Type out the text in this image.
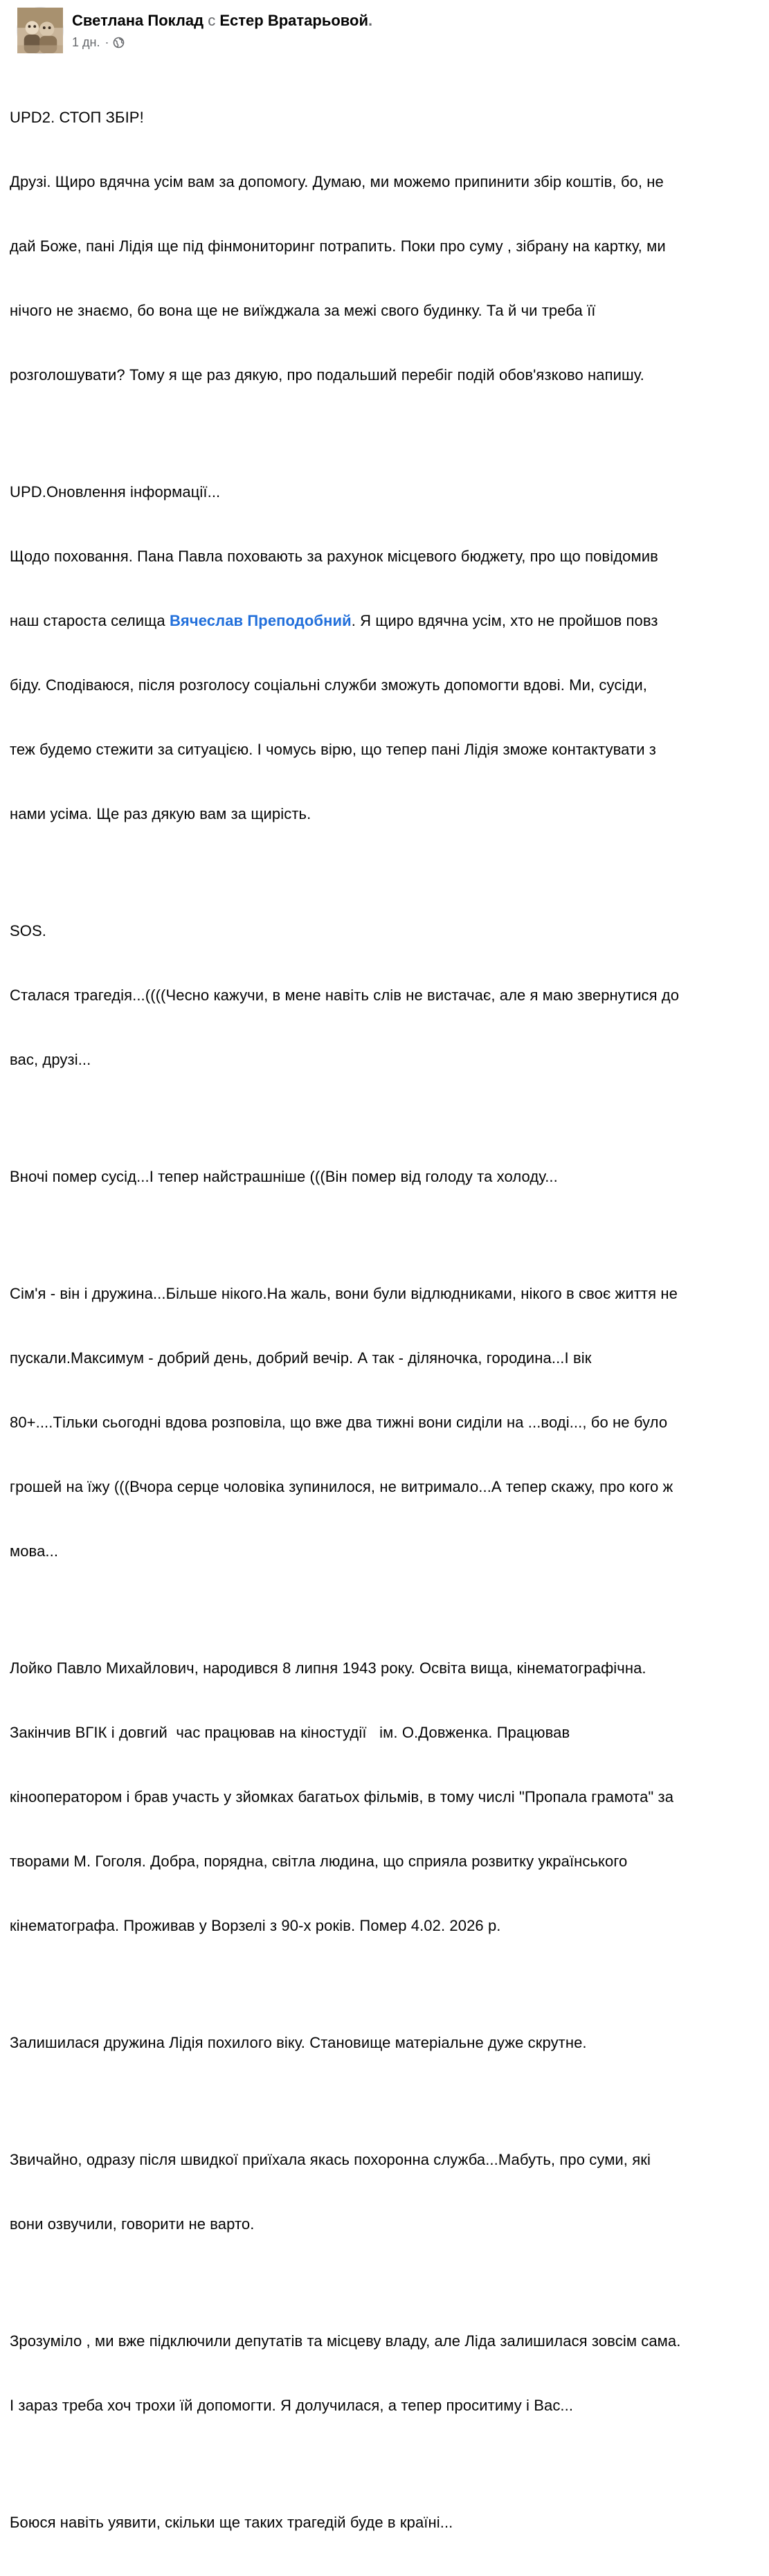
Светлана Поклад с Естер Вратарьовой.
1 дн. ·

UPD2. СТОП ЗБІР!

Друзі. Щиро вдячна усім вам за допомогу. Думаю, ми можемо припинити збір коштів, бо, не

дай Боже, пані Лідія ще під фінмониторинг потрапить. Поки про суму , зібрану на картку, ми

нічого не знаємо, бо вона ще не виїжджала за межі свого будинку. Та й чи треба її

розголошувати? Тому я ще раз дякую, про подальший перебіг подій обов'язково напишу.

UPD.Оновлення інформації...

Щодо поховання. Пана Павла поховають за рахунок місцевого бюджету, про що повідомив

наш староста селища Вячеслав Преподобний. Я щиро вдячна усім, хто не пройшов повз

біду. Сподіваюся, після розголосу соціальні служби зможуть допомогти вдові. Ми, сусіди,

теж будемо стежити за ситуацією. І чомусь вірю, що тепер пані Лідія зможе контактувати з

нами усіма. Ще раз дякую вам за щирість.

SOS.

Сталася трагедія...((((Чесно кажучи, в мене навіть слів не вистачає, але я маю звернутися до

вас, друзі...

Вночі помер сусід...І тепер найстрашніше (((Він помер від голоду та холоду...

Сім'я - він і дружина...Більше нікого.На жаль, вони були відлюдниками, нікого в своє життя не

пускали.Максимум - добрий день, добрий вечір. А так - діляночка, городина...І вік

80+....Тільки сьогодні вдова розповіла, що вже два тижні вони сиділи на ...воді..., бо не було

грошей на їжу (((Вчора серце чоловіка зупинилося, не витримало...А тепер скажу, про кого ж

мова...

Лойко Павло Михайлович, народився 8 липня 1943 року. Освіта вища, кінематографічна.

Закінчив ВГІК і довгий  час працював на кіностудії   ім. О.Довженка. Працював

кінооператором і брав участь у зйомках багатьох фільмів, в тому числі "Пропала грамота" за

творами М. Гоголя. Добра, порядна, світла людина, що сприяла розвитку українського

кінематографа. Проживав у Ворзелі з 90-х років. Помер 4.02. 2026 р.

Залишилася дружина Лідія похилого віку. Становище матеріальне дуже скрутне.

Звичайно, одразу після швидкої приїхала якась похоронна служба...Мабуть, про суми, які

вони озвучили, говорити не варто.

Зрозуміло , ми вже підключили депутатів та місцеву владу, але Ліда залишилася зовсім сама.

І зараз треба хоч трохи їй допомогти. Я долучилася, а тепер проситиму і Вас...

Боюся навіть уявити, скільки ще таких трагедій буде в країні...
